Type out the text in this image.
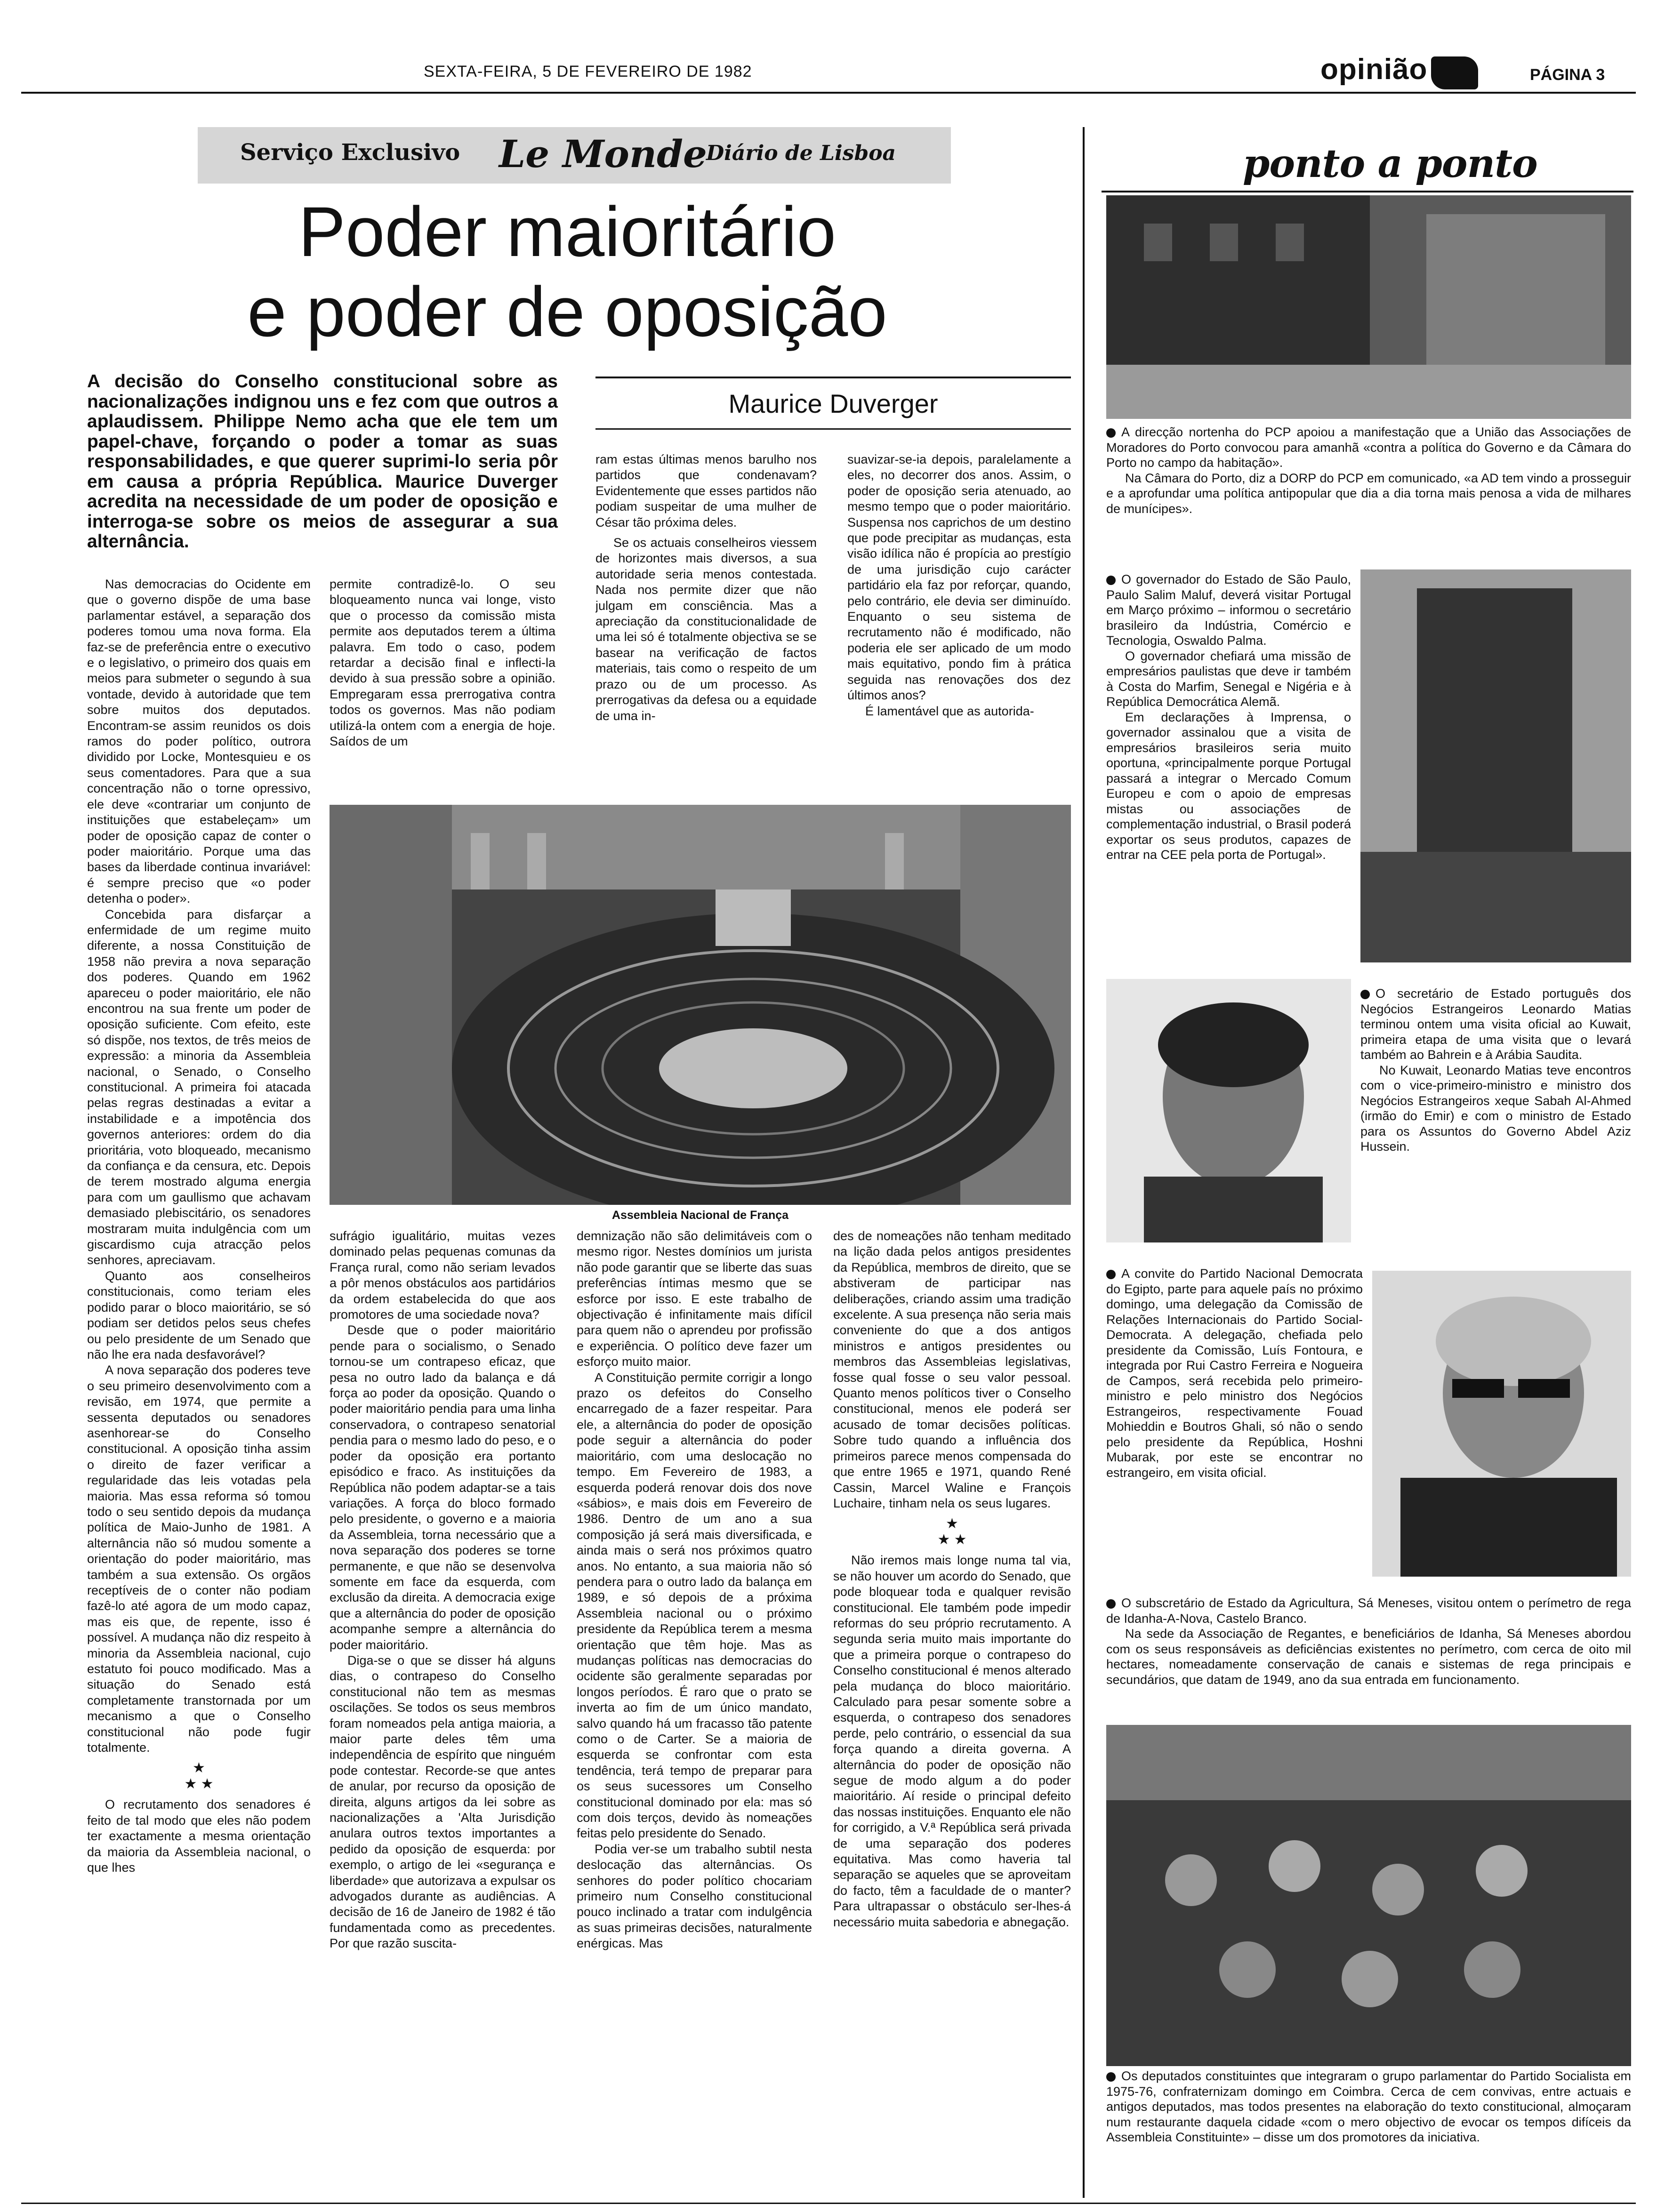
SEXTA-FEIRA, 5 DE FEVEREIRO DE 1982	opinião	PÁGINA 3
Serviço Exclusivo Le Monde
Diário de Lisboa
Poder maioritário
e poder de oposição
A decisão do Conselho constitucional sobre as nacionalizações indignou uns e fez com que outros a aplaudissem. Philippe Nemo acha que ele tem um papel-chave, forçando o poder a tomar as suas responsabilidades, e que querer suprimi-lo seria pôr em causa a própria República. Maurice Duverger acredita na necessidade de um poder de oposição e interroga-se sobre os meios de assegurar a sua alternância.
Maurice Duverger

Nas democracias do Ocidente em que o governo dispõe de uma base parlamentar estável, a separação dos poderes tomou uma nova forma. Ela faz-se de preferência entre o executivo e o legislativo, o primeiro dos quais em meios para submeter o segundo à sua vontade, devido à autoridade que tem sobre muitos dos deputados. Encontram-se assim reunidos os dois ramos do poder político, outrora dividido por Locke, Montesquieu e os seus comentadores. Para que a sua concentração não o torne opressivo, ele deve «contrariar um conjunto de instituições que estabeleçam» um poder de oposição capaz de conter o poder maioritário. Porque uma das bases da liberdade continua invariável: é sempre preciso que «o poder detenha o poder».

Concebida para disfarçar a enfermidade de um regime muito diferente, a nossa Constituição de 1958 não previra a nova separação dos poderes. Quando em 1962 apareceu o poder maioritário, ele não encontrou na sua frente um poder de oposição suficiente. Com efeito, este só dispõe, nos textos, de três meios de expressão: a minoria da Assembleia nacional, o Senado, o Conselho constitucional. A primeira foi atacada pelas regras destinadas a evitar a instabilidade e a impotência dos governos anteriores: ordem do dia prioritária, voto bloqueado, mecanismo da confiança e da censura, etc. Depois de terem mostrado alguma energia para com um gaullismo que achavam demasiado plebiscitário, os senadores mostraram muita indulgência com um giscardismo cuja atracção pelos senhores, apreciavam.

Quanto aos conselheiros constitucionais, como teriam eles podido parar o bloco maioritário, se só podiam ser detidos pelos seus chefes ou pelo presidente de um Senado que não lhe era nada desfavorável?

A nova separação dos poderes teve o seu primeiro desenvolvimento com a revisão, em 1974, que permite a sessenta deputados ou senadores asenhorear-se do Conselho constitucional. A oposição tinha assim o direito de fazer verificar a regularidade das leis votadas pela maioria. Mas essa reforma só tomou todo o seu sentido depois da mudança política de Maio-Junho de 1981. A alternância não só mudou somente a orientação do poder maioritário, mas também a sua extensão. Os orgãos receptíveis de o conter não podiam fazê-lo até agora de um modo capaz, mas eis que, de repente, isso é possível. A mudança não diz respeito à minoria da Assembleia nacional, cujo estatuto foi pouco modificado. Mas a situação do Senado está completamente transtornada por um mecanismo a que o Conselho constitucional não pode fugir totalmente.

★
★ ★

O recrutamento dos senadores é feito de tal modo que eles não podem ter exactamente a mesma orientação da maioria da Assembleia nacional, o que lhes

permite contradizê-lo. O seu bloqueamento nunca vai longe, visto que o processo da comissão mista permite aos deputados terem a última palavra. Em todo o caso, podem retardar a decisão final e inflecti-la devido à sua pressão sobre a opinião. Empregaram essa prerrogativa contra todos os governos. Mas não podiam utilizá-la ontem com a energia de hoje. Saídos de um

ram estas últimas menos barulho nos partidos que condenavam? Evidentemente que esses partidos não podiam suspeitar de uma mulher de César tão próxima deles.

Se os actuais conselheiros viessem de horizontes mais diversos, a sua autoridade seria menos contestada. Nada nos permite dizer que não julgam em consciência. Mas a apreciação da constitucionalidade de uma lei só é totalmente objectiva se se basear na verificação de factos materiais, tais como o respeito de um prazo ou de um processo. As prerrogativas da defesa ou a equidade de uma in-

suavizar-se-ia depois, paralelamente a eles, no decorrer dos anos. Assim, o poder de oposição seria atenuado, ao mesmo tempo que o poder maioritário. Suspensa nos caprichos de um destino que pode precipitar as mudanças, esta visão idílica não é propícia ao prestígio de uma jurisdição cujo carácter partidário ela faz por reforçar, quando, pelo contrário, ele devia ser diminuído. Enquanto o seu sistema de recrutamento não é modificado, não poderia ele ser aplicado de um modo mais equitativo, pondo fim à prática seguida nas renovações dos dez últimos anos?

É lamentável que as autorida-

Assembleia Nacional de França

sufrágio igualitário, muitas vezes dominado pelas pequenas comunas da França rural, como não seriam levados a pôr menos obstáculos aos partidários da ordem estabelecida do que aos promotores de uma sociedade nova?

Desde que o poder maioritário pende para o socialismo, o Senado tornou-se um contrapeso eficaz, que pesa no outro lado da balança e dá força ao poder da oposição. Quando o poder maioritário pendia para uma linha conservadora, o contrapeso senatorial pendia para o mesmo lado do peso, e o poder da oposição era portanto episódico e fraco. As instituições da República não podem adaptar-se a tais variações. A força do bloco formado pelo presidente, o governo e a maioria da Assembleia, torna necessário que a nova separação dos poderes se torne permanente, e que não se desenvolva somente em face da esquerda, com exclusão da direita. A democracia exige que a alternância do poder de oposição acompanhe sempre a alternância do poder maioritário.

Diga-se o que se disser há alguns dias, o contrapeso do Conselho constitucional não tem as mesmas oscilações. Se todos os seus membros foram nomeados pela antiga maioria, a maior parte deles têm uma independência de espírito que ninguém pode contestar. Recorde-se que antes de anular, por recurso da oposição de direita, alguns artigos da lei sobre as nacionalizações a 'Alta Jurisdição anulara outros textos importantes a pedido da oposição de esquerda: por exemplo, o artigo de lei «segurança e liberdade» que autorizava a expulsar os advogados durante as audiências. A decisão de 16 de Janeiro de 1982 é tão fundamentada como as precedentes. Por que razão suscita-

demnização não são delimitáveis com o mesmo rigor. Nestes domínios um jurista não pode garantir que se liberte das suas preferências íntimas mesmo que se esforce por isso. E este trabalho de objectivação é infinitamente mais difícil para quem não o aprendeu por profissão e experiência. O político deve fazer um esforço muito maior.

A Constituição permite corrigir a longo prazo os defeitos do Conselho encarregado de a fazer respeitar. Para ele, a alternância do poder de oposição pode seguir a alternância do poder maioritário, com uma deslocação no tempo. Em Fevereiro de 1983, a esquerda poderá renovar dois dos nove «sábios», e mais dois em Fevereiro de 1986. Dentro de um ano a sua composição já será mais diversificada, e ainda mais o será nos próximos quatro anos. No entanto, a sua maioria não só pendera para o outro lado da balança em 1989, e só depois de a próxima Assembleia nacional ou o próximo presidente da República terem a mesma orientação que têm hoje. Mas as mudanças políticas nas democracias do ocidente são geralmente separadas por longos períodos. É raro que o prato se inverta ao fim de um único mandato, salvo quando há um fracasso tão patente como o de Carter. Se a maioria de esquerda se confrontar com esta tendência, terá tempo de preparar para os seus sucessores um Conselho constitucional dominado por ela: mas só com dois terços, devido às nomeações feitas pelo presidente do Senado.

Podia ver-se um trabalho subtil nesta deslocação das alternâncias. Os senhores do poder político chocariam primeiro num Conselho constitucional pouco inclinado a tratar com indulgência as suas primeiras decisões, naturalmente enérgicas. Mas

des de nomeações não tenham meditado na lição dada pelos antigos presidentes da República, membros de direito, que se abstiveram de participar nas deliberações, criando assim uma tradição excelente. A sua presença não seria mais conveniente do que a dos antigos ministros e antigos presidentes ou membros das Assembleias legislativas, fosse qual fosse o seu valor pessoal. Quanto menos políticos tiver o Conselho constitucional, menos ele poderá ser acusado de tomar decisões políticas. Sobre tudo quando a influência dos primeiros parece menos compensada do que entre 1965 e 1971, quando René Cassin, Marcel Waline e François Luchaire, tinham nela os seus lugares.

★
★ ★

Não iremos mais longe numa tal via, se não houver um acordo do Senado, que pode bloquear toda e qualquer revisão constitucional. Ele também pode impedir reformas do seu próprio recrutamento. A segunda seria muito mais importante do que a primeira porque o contrapeso do Conselho constitucional é menos alterado pela mudança do bloco maioritário. Calculado para pesar somente sobre a esquerda, o contrapeso dos senadores perde, pelo contrário, o essencial da sua força quando a direita governa. A alternância do poder de oposição não segue de modo algum a do poder maioritário. Aí reside o principal defeito das nossas instituições. Enquanto ele não for corrigido, a V.ª República será privada de uma separação dos poderes equitativa. Mas como haveria tal separação se aqueles que se aproveitam do facto, têm a faculdade de o manter? Para ultrapassar o obstáculo ser-lhes-á necessário muita sabedoria e abnegação.

ponto a ponto

A direcção nortenha do PCP apoiou a manifestação que a União das Associações de Moradores do Porto convocou para amanhã «contra a política do Governo e da Câmara do Porto no campo da habitação».

Na Câmara do Porto, diz a DORP do PCP em comunicado, «a AD tem vindo a prosseguir e a aprofundar uma política antipopular que dia a dia torna mais penosa a vida de milhares de munícipes».

O governador do Estado de São Paulo, Paulo Salim Maluf, deverá visitar Portugal em Março próximo – informou o secretário brasileiro da Indústria, Comércio e Tecnologia, Oswaldo Palma.

O governador chefiará uma missão de empresários paulistas que deve ir também à Costa do Marfim, Senegal e Nigéria e à República Democrática Alemã.

Em declarações à Imprensa, o governador assinalou que a visita de empresários brasileiros seria muito oportuna, «principalmente porque Portugal passará a integrar o Mercado Comum Europeu e com o apoio de empresas mistas ou associações de complementação industrial, o Brasil poderá exportar os seus produtos, capazes de entrar na CEE pela porta de Portugal».

O secretário de Estado português dos Negócios Estrangeiros Leonardo Matias terminou ontem uma visita oficial ao Kuwait, primeira etapa de uma visita que o levará também ao Bahrein e à Arábia Saudita.

No Kuwait, Leonardo Matias teve encontros com o vice-primeiro-ministro e ministro dos Negócios Estrangeiros xeque Sabah Al-Ahmed (irmão do Emir) e com o ministro de Estado para os Assuntos do Governo Abdel Aziz Hussein.

A convite do Partido Nacional Democrata do Egipto, parte para aquele país no próximo domingo, uma delegação da Comissão de Relações Internacionais do Partido Social-Democrata. A delegação, chefiada pelo presidente da Comissão, Luís Fontoura, e integrada por Rui Castro Ferreira e Nogueira de Campos, será recebida pelo primeiro-ministro e pelo ministro dos Negócios Estrangeiros, respectivamente Fouad Mohieddin e Boutros Ghali, só não o sendo pelo presidente da República, Hoshni Mubarak, por este se encontrar no estrangeiro, em visita oficial.

O subscretário de Estado da Agricultura, Sá Meneses, visitou ontem o perímetro de rega de Idanha-A-Nova, Castelo Branco.

Na sede da Associação de Regantes, e beneficiários de Idanha, Sá Meneses abordou com os seus responsáveis as deficiências existentes no perímetro, com cerca de oito mil hectares, nomeadamente conservação de canais e sistemas de rega principais e secundários, que datam de 1949, ano da sua entrada em funcionamento.

Os deputados constituintes que integraram o grupo parlamentar do Partido Socialista em 1975-76, confraternizam domingo em Coimbra. Cerca de cem convivas, entre actuais e antigos deputados, mas todos presentes na elaboração do texto constitucional, almoçaram num restaurante daquela cidade «com o mero objectivo de evocar os tempos difíceis da Assembleia Constituinte» – disse um dos promotores da iniciativa.
